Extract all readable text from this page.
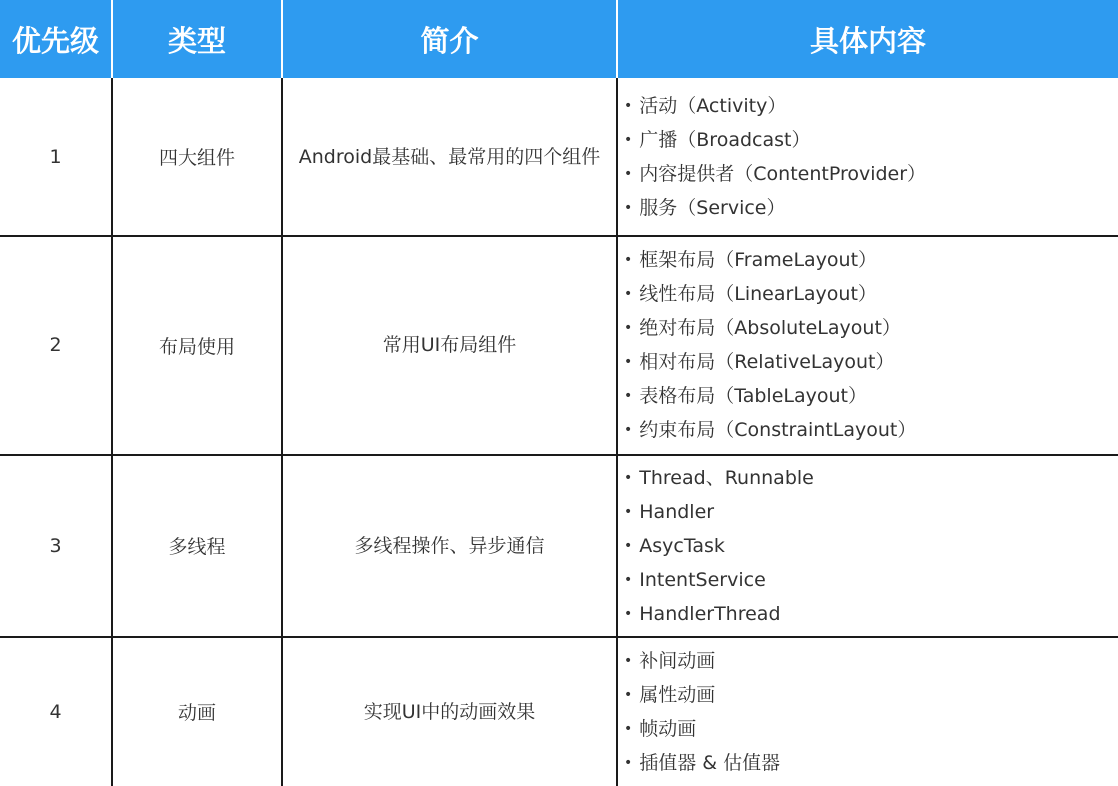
优先级	类型	简介	具体内容
1	四大组件	Android最基础、最常用的四个组件
• 活动（Activity）
• 广播（Broadcast）
• 内容提供者（ContentProvider）
• 服务（Service）
2	布局使用	常用UI布局组件
• 框架布局（FrameLayout）
• 线性布局（LinearLayout）
• 绝对布局（AbsoluteLayout）
• 相对布局（RelativeLayout）
• 表格布局（TableLayout）
• 约束布局（ConstraintLayout）
3	多线程	多线程操作、异步通信
• Thread、Runnable
• Handler
• AsycTask
• IntentService
• HandlerThread
4	动画	实现UI中的动画效果
• 补间动画
• 属性动画
• 帧动画
• 插值器 & 估值器
